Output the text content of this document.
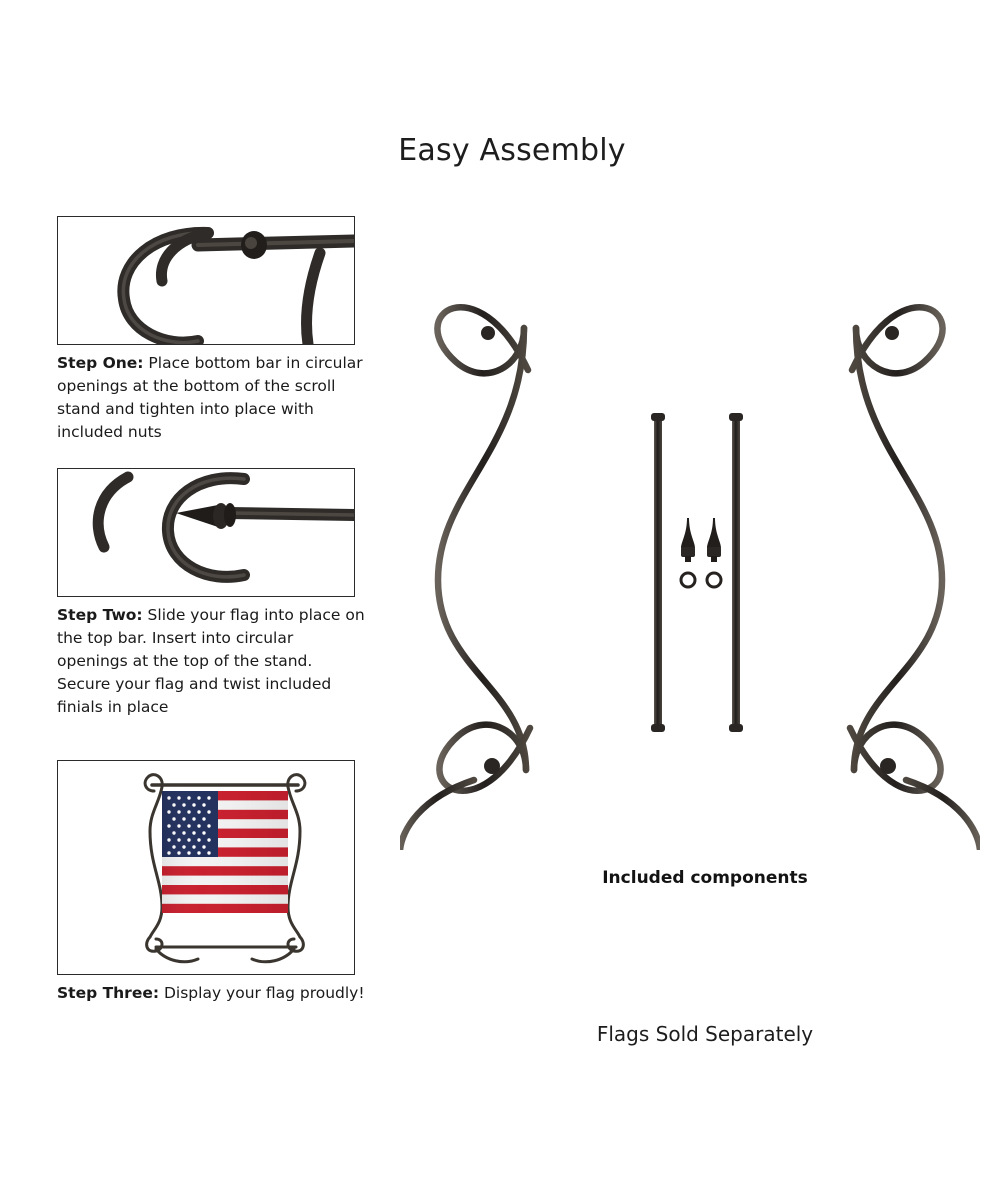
Easy Assembly
Step One: Place bottom bar in circular openings at the bottom of the scroll stand and tighten into place with included nuts
Step Two: Slide your flag into place on the top bar. Insert into circular openings at the top of the stand. Secure your flag and twist included finials in place
Step Three: Display your flag proudly!
Included components
Flags Sold Separately
